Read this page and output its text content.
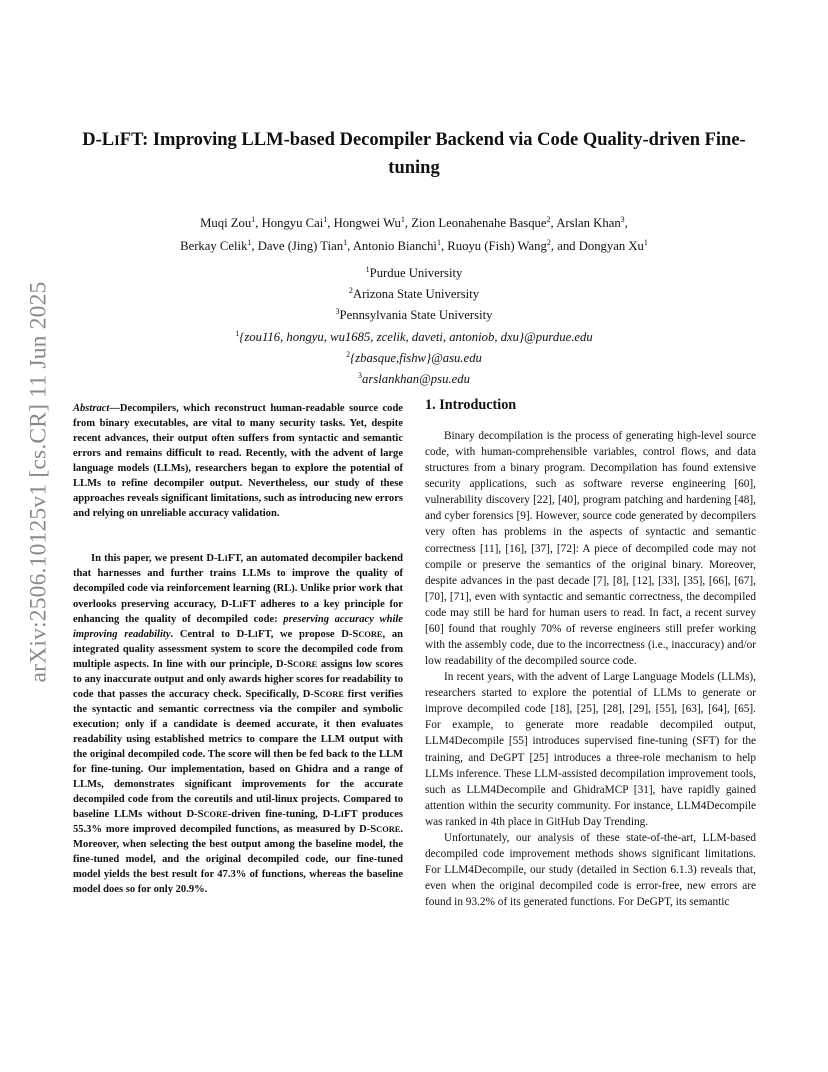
arXiv:2506.10125v1 [cs.CR] 11 Jun 2025
D-LIFT: Improving LLM-based Decompiler Backend via Code Quality-driven Fine-tuning
Muqi Zou$^1$, Hongyu Cai$^1$, Hongwei Wu$^1$, Zion Leonahenahe Basque$^2$, Arslan Khan$^3$,
Berkay Celik$^1$, Dave (Jing) Tian$^1$, Antonio Bianchi$^1$, Ruoyu (Fish) Wang$^2$, and Dongyan Xu$^1$
$^1$Purdue University
$^2$Arizona State University
$^3$Pennsylvania State University
$^1${zou116, hongyu, wu1685, zcelik, daveti, antoniob, dxu}@purdue.edu
$^2${zbasque,fishw}@asu.edu
$^3$arslankhan@psu.edu

Abstract—Decompilers, which reconstruct human-readable source code from binary executables, are vital to many security tasks. Yet, despite recent advances, their output often suffers from syntactic and semantic errors and remains difficult to read. Recently, with the advent of large language models (LLMs), researchers began to explore the potential of LLMs to refine decompiler output. Nevertheless, our study of these approaches reveals significant limitations, such as introducing new errors and relying on unreliable accuracy validation.

In this paper, we present D-LIFT, an automated decompiler backend that harnesses and further trains LLMs to improve the quality of decompiled code via reinforcement learning (RL). Unlike prior work that overlooks preserving accuracy, D-LIFT adheres to a key principle for enhancing the quality of decompiled code: preserving accuracy while improving readability. Central to D-LIFT, we propose D-SCORE, an integrated quality assessment system to score the decompiled code from multiple aspects. In line with our principle, D-SCORE assigns low scores to any inaccurate output and only awards higher scores for readability to code that passes the accuracy check. Specifically, D-SCORE first verifies the syntactic and semantic correctness via the compiler and symbolic execution; only if a candidate is deemed accurate, it then evaluates readability using established metrics to compare the LLM output with the original decompiled code. The score will then be fed back to the LLM for fine-tuning. Our implementation, based on Ghidra and a range of LLMs, demonstrates significant improvements for the accurate decompiled code from the coreutils and util-linux projects. Compared to baseline LLMs without D-SCORE-driven fine-tuning, D-LIFT produces 55.3% more improved decompiled functions, as measured by D-SCORE. Moreover, when selecting the best output among the baseline model, the fine-tuned model, and the original decompiled code, our fine-tuned model yields the best result for 47.3% of functions, whereas the baseline model does so for only 20.9%.

1. Introduction

Binary decompilation is the process of generating high-level source code, with human-comprehensible variables, control flows, and data structures from a binary program. Decompilation has found extensive security applications, such as software reverse engineering [60], vulnerability discovery [22], [40], program patching and hardening [48], and cyber forensics [9]. However, source code generated by decompilers very often has problems in the aspects of syntactic and semantic correctness [11], [16], [37], [72]: A piece of decompiled code may not compile or preserve the semantics of the original binary. Moreover, despite advances in the past decade [7], [8], [12], [33], [35], [66], [67], [70], [71], even with syntactic and semantic correctness, the decompiled code may still be hard for human users to read. In fact, a recent survey [60] found that roughly 70% of reverse engineers still prefer working with the assembly code, due to the incorrectness (i.e., inaccuracy) and/or low readability of the decompiled source code.

In recent years, with the advent of Large Language Models (LLMs), researchers started to explore the potential of LLMs to generate or improve decompiled code [18], [25], [28], [29], [55], [63], [64], [65]. For example, to generate more readable decompiled output, LLM4Decompile [55] introduces supervised fine-tuning (SFT) for the training, and DeGPT [25] introduces a three-role mechanism to help LLMs inference. These LLM-assisted decompilation improvement tools, such as LLM4Decompile and GhidraMCP [31], have rapidly gained attention within the security community. For instance, LLM4Decompile was ranked in 4th place in GitHub Day Trending.

Unfortunately, our analysis of these state-of-the-art, LLM-based decompiled code improvement methods shows significant limitations. For LLM4Decompile, our study (detailed in Section 6.1.3) reveals that, even when the original decompiled code is error-free, new errors are found in 93.2% of its generated functions. For DeGPT, its semantic
